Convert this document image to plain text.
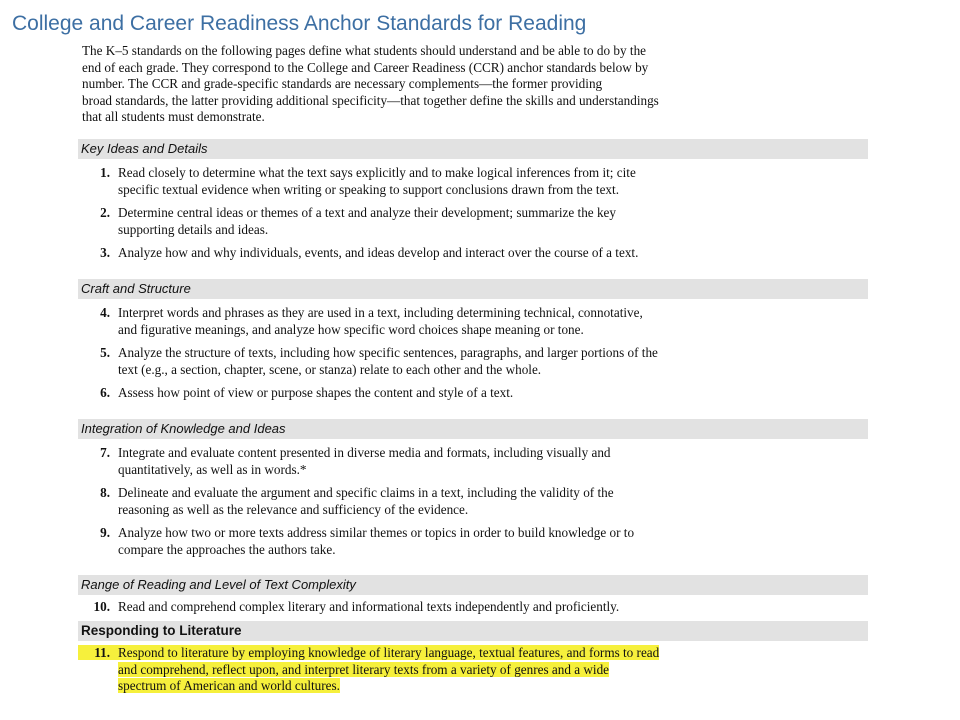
College and Career Readiness Anchor Standards for Reading
The K–5 standards on the following pages define what students should understand and be able to do by the
end of each grade. They correspond to the College and Career Readiness (CCR) anchor standards below by
number. The CCR and grade-specific standards are necessary complements—the former providing
broad standards, the latter providing additional specificity—that together define the skills and understandings
that all students must demonstrate.
Key Ideas and Details
1. Read closely to determine what the text says explicitly and to make logical inferences from it; cite
specific textual evidence when writing or speaking to support conclusions drawn from the text.
2. Determine central ideas or themes of a text and analyze their development; summarize the key
supporting details and ideas.
3. Analyze how and why individuals, events, and ideas develop and interact over the course of a text.
Craft and Structure
4. Interpret words and phrases as they are used in a text, including determining technical, connotative,
and figurative meanings, and analyze how specific word choices shape meaning or tone.
5. Analyze the structure of texts, including how specific sentences, paragraphs, and larger portions of the
text (e.g., a section, chapter, scene, or stanza) relate to each other and the whole.
6. Assess how point of view or purpose shapes the content and style of a text.
Integration of Knowledge and Ideas
7. Integrate and evaluate content presented in diverse media and formats, including visually and
quantitatively, as well as in words.*
8. Delineate and evaluate the argument and specific claims in a text, including the validity of the
reasoning as well as the relevance and sufficiency of the evidence.
9. Analyze how two or more texts address similar themes or topics in order to build knowledge or to
compare the approaches the authors take.
Range of Reading and Level of Text Complexity
10. Read and comprehend complex literary and informational texts independently and proficiently.
Responding to Literature
11. Respond to literature by employing knowledge of literary language, textual features, and forms to read
and comprehend, reflect upon, and interpret literary texts from a variety of genres and a wide
spectrum of American and world cultures.
